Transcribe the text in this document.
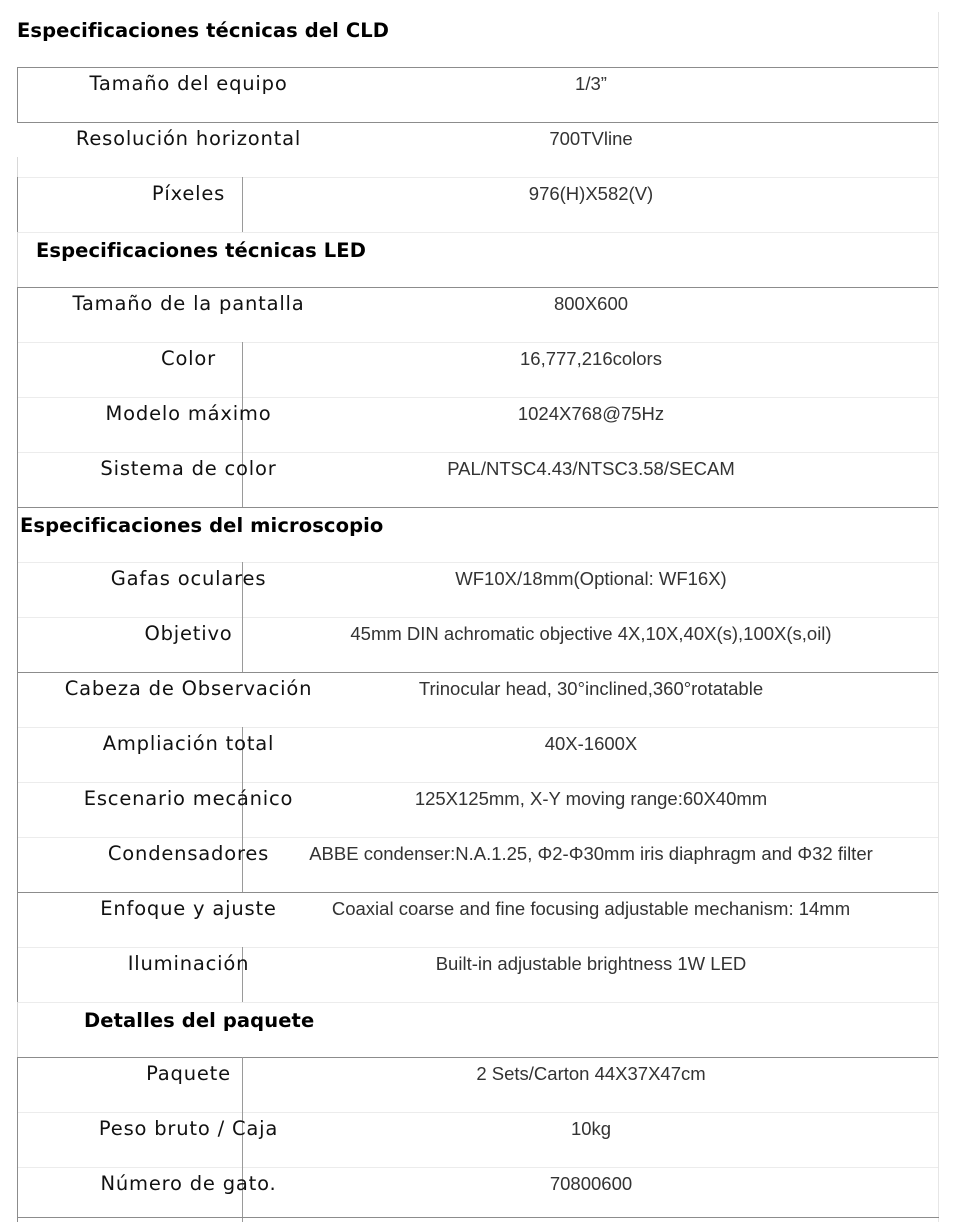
Especificaciones técnicas del CLD
Tamaño del equipo	1/3”
Resolución horizontal	700TVline
Píxeles	976(H)X582(V)
Especificaciones técnicas LED
Tamaño de la pantalla	800X600
Color	16,777,216colors
Modelo máximo	1024X768@75Hz
Sistema de color	PAL/NTSC4.43/NTSC3.58/SECAM
Especificaciones del microscopio
Gafas oculares	WF10X/18mm(Optional: WF16X)
Objetivo	45mm DIN achromatic objective 4X,10X,40X(s),100X(s,oil)
Cabeza de Observación	Trinocular head, 30°inclined,360°rotatable
Ampliación total	40X-1600X
Escenario mecánico	125X125mm, X-Y moving range:60X40mm
Condensadores	ABBE condenser:N.A.1.25, Φ2-Φ30mm iris diaphragm and Φ32 filter
Enfoque y ajuste	Coaxial coarse and fine focusing adjustable mechanism: 14mm
Iluminación	Built-in adjustable brightness 1W LED
Detalles del paquete
Paquete	2 Sets/Carton 44X37X47cm
Peso bruto / Caja	10kg
Número de gato.	70800600
